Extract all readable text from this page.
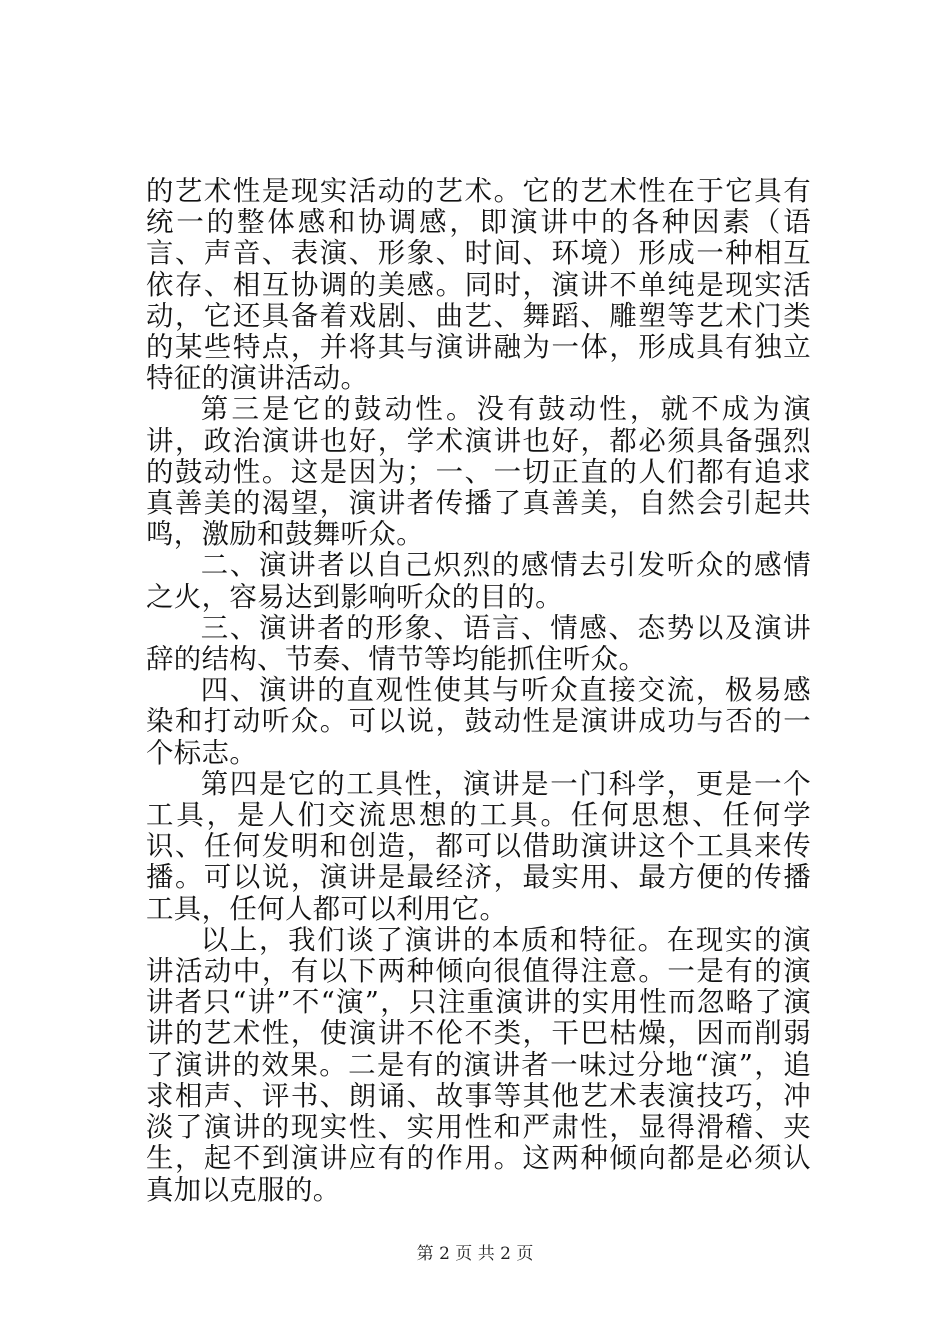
的艺术性是现实活动的艺术。它的艺术性在于它具有统一的整体感和协调感，即演讲中的各种因素（语言、声音、表演、形象、时间、环境）形成一种相互依存、相互协调的美感。同时，演讲不单纯是现实活动，它还具备着戏剧、曲艺、舞蹈、雕塑等艺术门类的某些特点，并将其与演讲融为一体，形成具有独立特征的演讲活动。

第三是它的鼓动性。没有鼓动性，就不成为演讲，政治演讲也好，学术演讲也好，都必须具备强烈的鼓动性。这是因为；一、一切正直的人们都有追求真善美的渴望，演讲者传播了真善美，自然会引起共鸣，激励和鼓舞听众。

二、演讲者以自己炽烈的感情去引发听众的感情之火，容易达到影响听众的目的。

三、演讲者的形象、语言、情感、态势以及演讲辞的结构、节奏、情节等均能抓住听众。

四、演讲的直观性使其与听众直接交流，极易感染和打动听众。可以说，鼓动性是演讲成功与否的一个标志。

第四是它的工具性，演讲是一门科学，更是一个工具，是人们交流思想的工具。任何思想、任何学识、任何发明和创造，都可以借助演讲这个工具来传播。可以说，演讲是最经济，最实用、最方便的传播工具，任何人都可以利用它。

以上，我们谈了演讲的本质和特征。在现实的演讲活动中，有以下两种倾向很值得注意。一是有的演讲者只“讲”不“演”，只注重演讲的实用性而忽略了演讲的艺术性，使演讲不伦不类，干巴枯燥，因而削弱了演讲的效果。二是有的演讲者一味过分地“演”，追求相声、评书、朗诵、故事等其他艺术表演技巧，冲淡了演讲的现实性、实用性和严肃性，显得滑稽、夹生，起不到演讲应有的作用。这两种倾向都是必须认真加以克服的。

第 2 页 共 2 页
